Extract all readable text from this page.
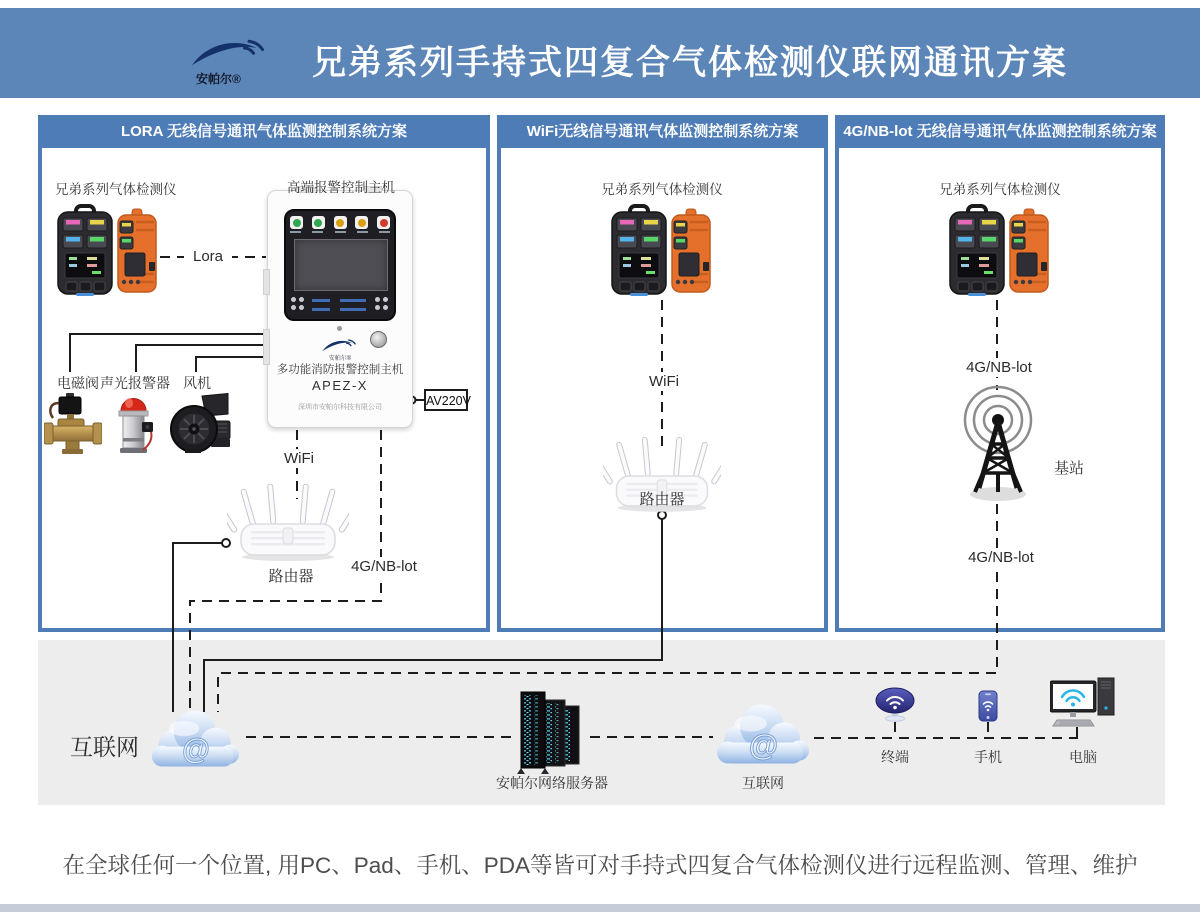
安帕尔®	兄弟系列手持式四复合气体检测仪联网通讯方案
LORA 无线信号通讯气体监测控制系统方案	WiFi无线信号通讯气体监测控制系统方案	4G/NB-lot 无线信号通讯气体监测控制系统方案
兄弟系列气体检测仪
Lora
高端报警控制主机
安帕尔®
多功能消防报警控制主机
APEZ-X
深圳市安帕尔科技有限公司	AV220V
电磁阀 声光报警器 风机
WiFi
路由器
4G/NB-lot
兄弟系列气体检测仪
WiFi
路由器
兄弟系列气体检测仪
4G/NB-lot
基站
4G/NB-lot
互联网
安帕尔网络服务器	互联网
终端	手机	电脑
在全球任何一个位置, 用PC、Pad、手机、PDA等皆可对手持式四复合气体检测仪进行远程监测、管理、维护
